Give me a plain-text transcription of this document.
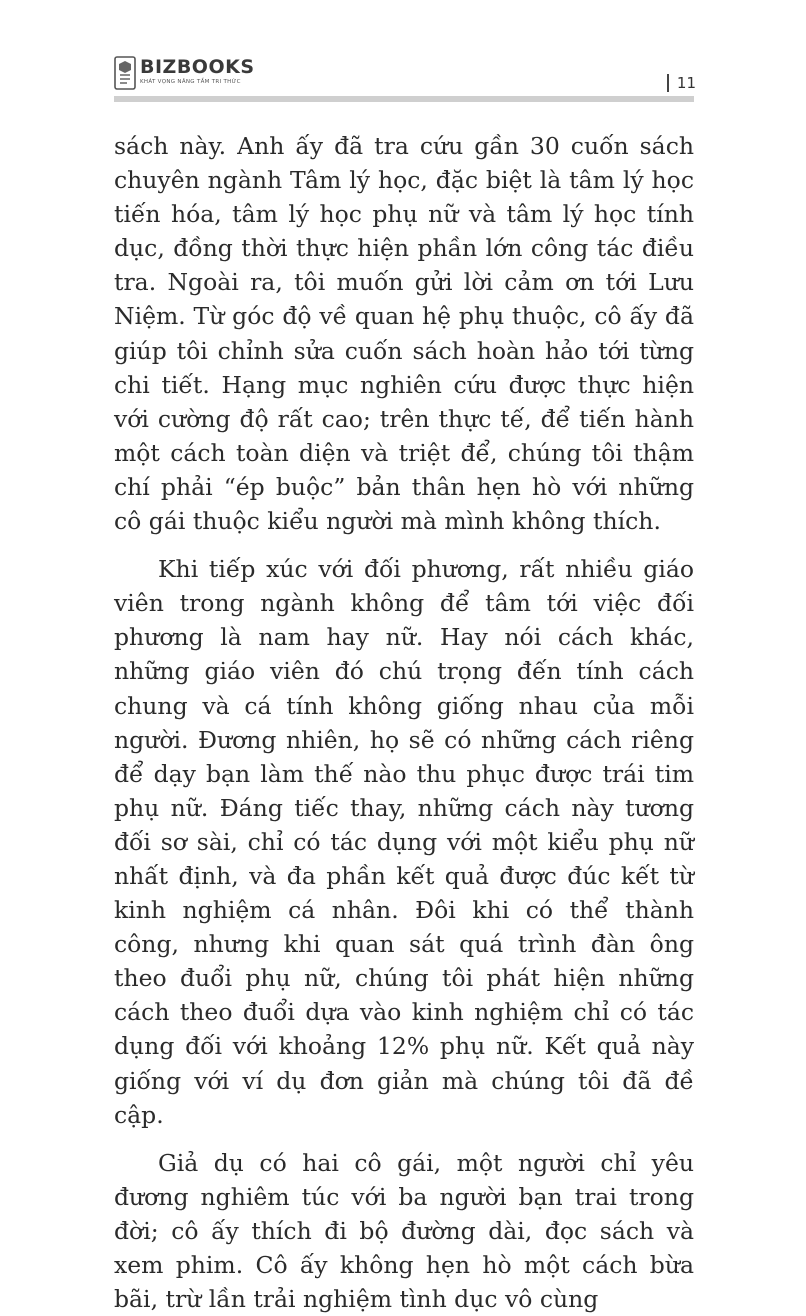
BIZBOOKS
KHÁT VỌNG NÂNG TẦM TRI THỨC	11

sách này. Anh ấy đã tra cứu gần 30 cuốn sách chuyên ngành Tâm lý học, đặc biệt là tâm lý học tiến hóa, tâm lý học phụ nữ và tâm lý học tính dục, đồng thời thực hiện phần lớn công tác điều tra. Ngoài ra, tôi muốn gửi lời cảm ơn tới Lưu Niệm. Từ góc độ về quan hệ phụ thuộc, cô ấy đã giúp tôi chỉnh sửa cuốn sách hoàn hảo tới từng chi tiết. Hạng mục nghiên cứu được thực hiện với cường độ rất cao; trên thực tế, để tiến hành một cách toàn diện và triệt để, chúng tôi thậm chí phải “ép buộc” bản thân hẹn hò với những cô gái thuộc kiểu người mà mình không thích.

Khi tiếp xúc với đối phương, rất nhiều giáo viên trong ngành không để tâm tới việc đối phương là nam hay nữ. Hay nói cách khác, những giáo viên đó chú trọng đến tính cách chung và cá tính không giống nhau của mỗi người. Đương nhiên, họ sẽ có những cách riêng để dạy bạn làm thế nào thu phục được trái tim phụ nữ. Đáng tiếc thay, những cách này tương đối sơ sài, chỉ có tác dụng với một kiểu phụ nữ nhất định, và đa phần kết quả được đúc kết từ kinh nghiệm cá nhân. Đôi khi có thể thành công, nhưng khi quan sát quá trình đàn ông theo đuổi phụ nữ, chúng tôi phát hiện những cách theo đuổi dựa vào kinh nghiệm chỉ có tác dụng đối với khoảng 12% phụ nữ. Kết quả này giống với ví dụ đơn giản mà chúng tôi đã đề cập.

Giả dụ có hai cô gái, một người chỉ yêu đương nghiêm túc với ba người bạn trai trong đời; cô ấy thích đi bộ đường dài, đọc sách và xem phim. Cô ấy không hẹn hò một cách bừa bãi, trừ lần trải nghiệm tình dục vô cùng
